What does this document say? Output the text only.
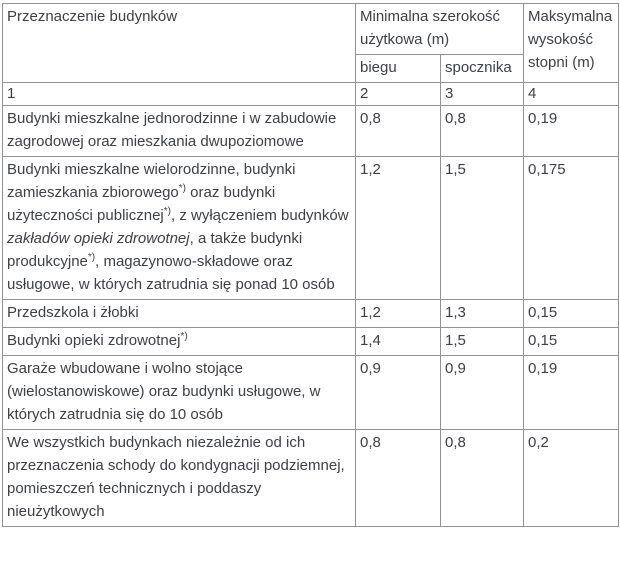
Przeznaczenie budynków	Minimalna szerokość użytkowa (m)		Maksymalna wysokość stopni (m)
	biegu	spocznika	
1	2	3	4
Budynki mieszkalne jednorodzinne i w zabudowie zagrodowej oraz mieszkania dwupoziomowe	0,8	0,8	0,19
Budynki mieszkalne wielorodzinne, budynki zamieszkania zbiorowego*) oraz budynki użyteczności publicznej*), z wyłączeniem budynków zakładów opieki zdrowotnej, a także budynki produkcyjne*), magazynowo-składowe oraz usługowe, w których zatrudnia się ponad 10 osób	1,2	1,5	0,175
Przedszkola i żłobki	1,2	1,3	0,15
Budynki opieki zdrowotnej*)	1,4	1,5	0,15
Garaże wbudowane i wolno stojące (wielostanowiskowe) oraz budynki usługowe, w których zatrudnia się do 10 osób	0,9	0,9	0,19
We wszystkich budynkach niezależnie od ich przeznaczenia schody do kondygnacji podziemnej, pomieszczeń technicznych i poddaszy nieużytkowych	0,8	0,8	0,2
